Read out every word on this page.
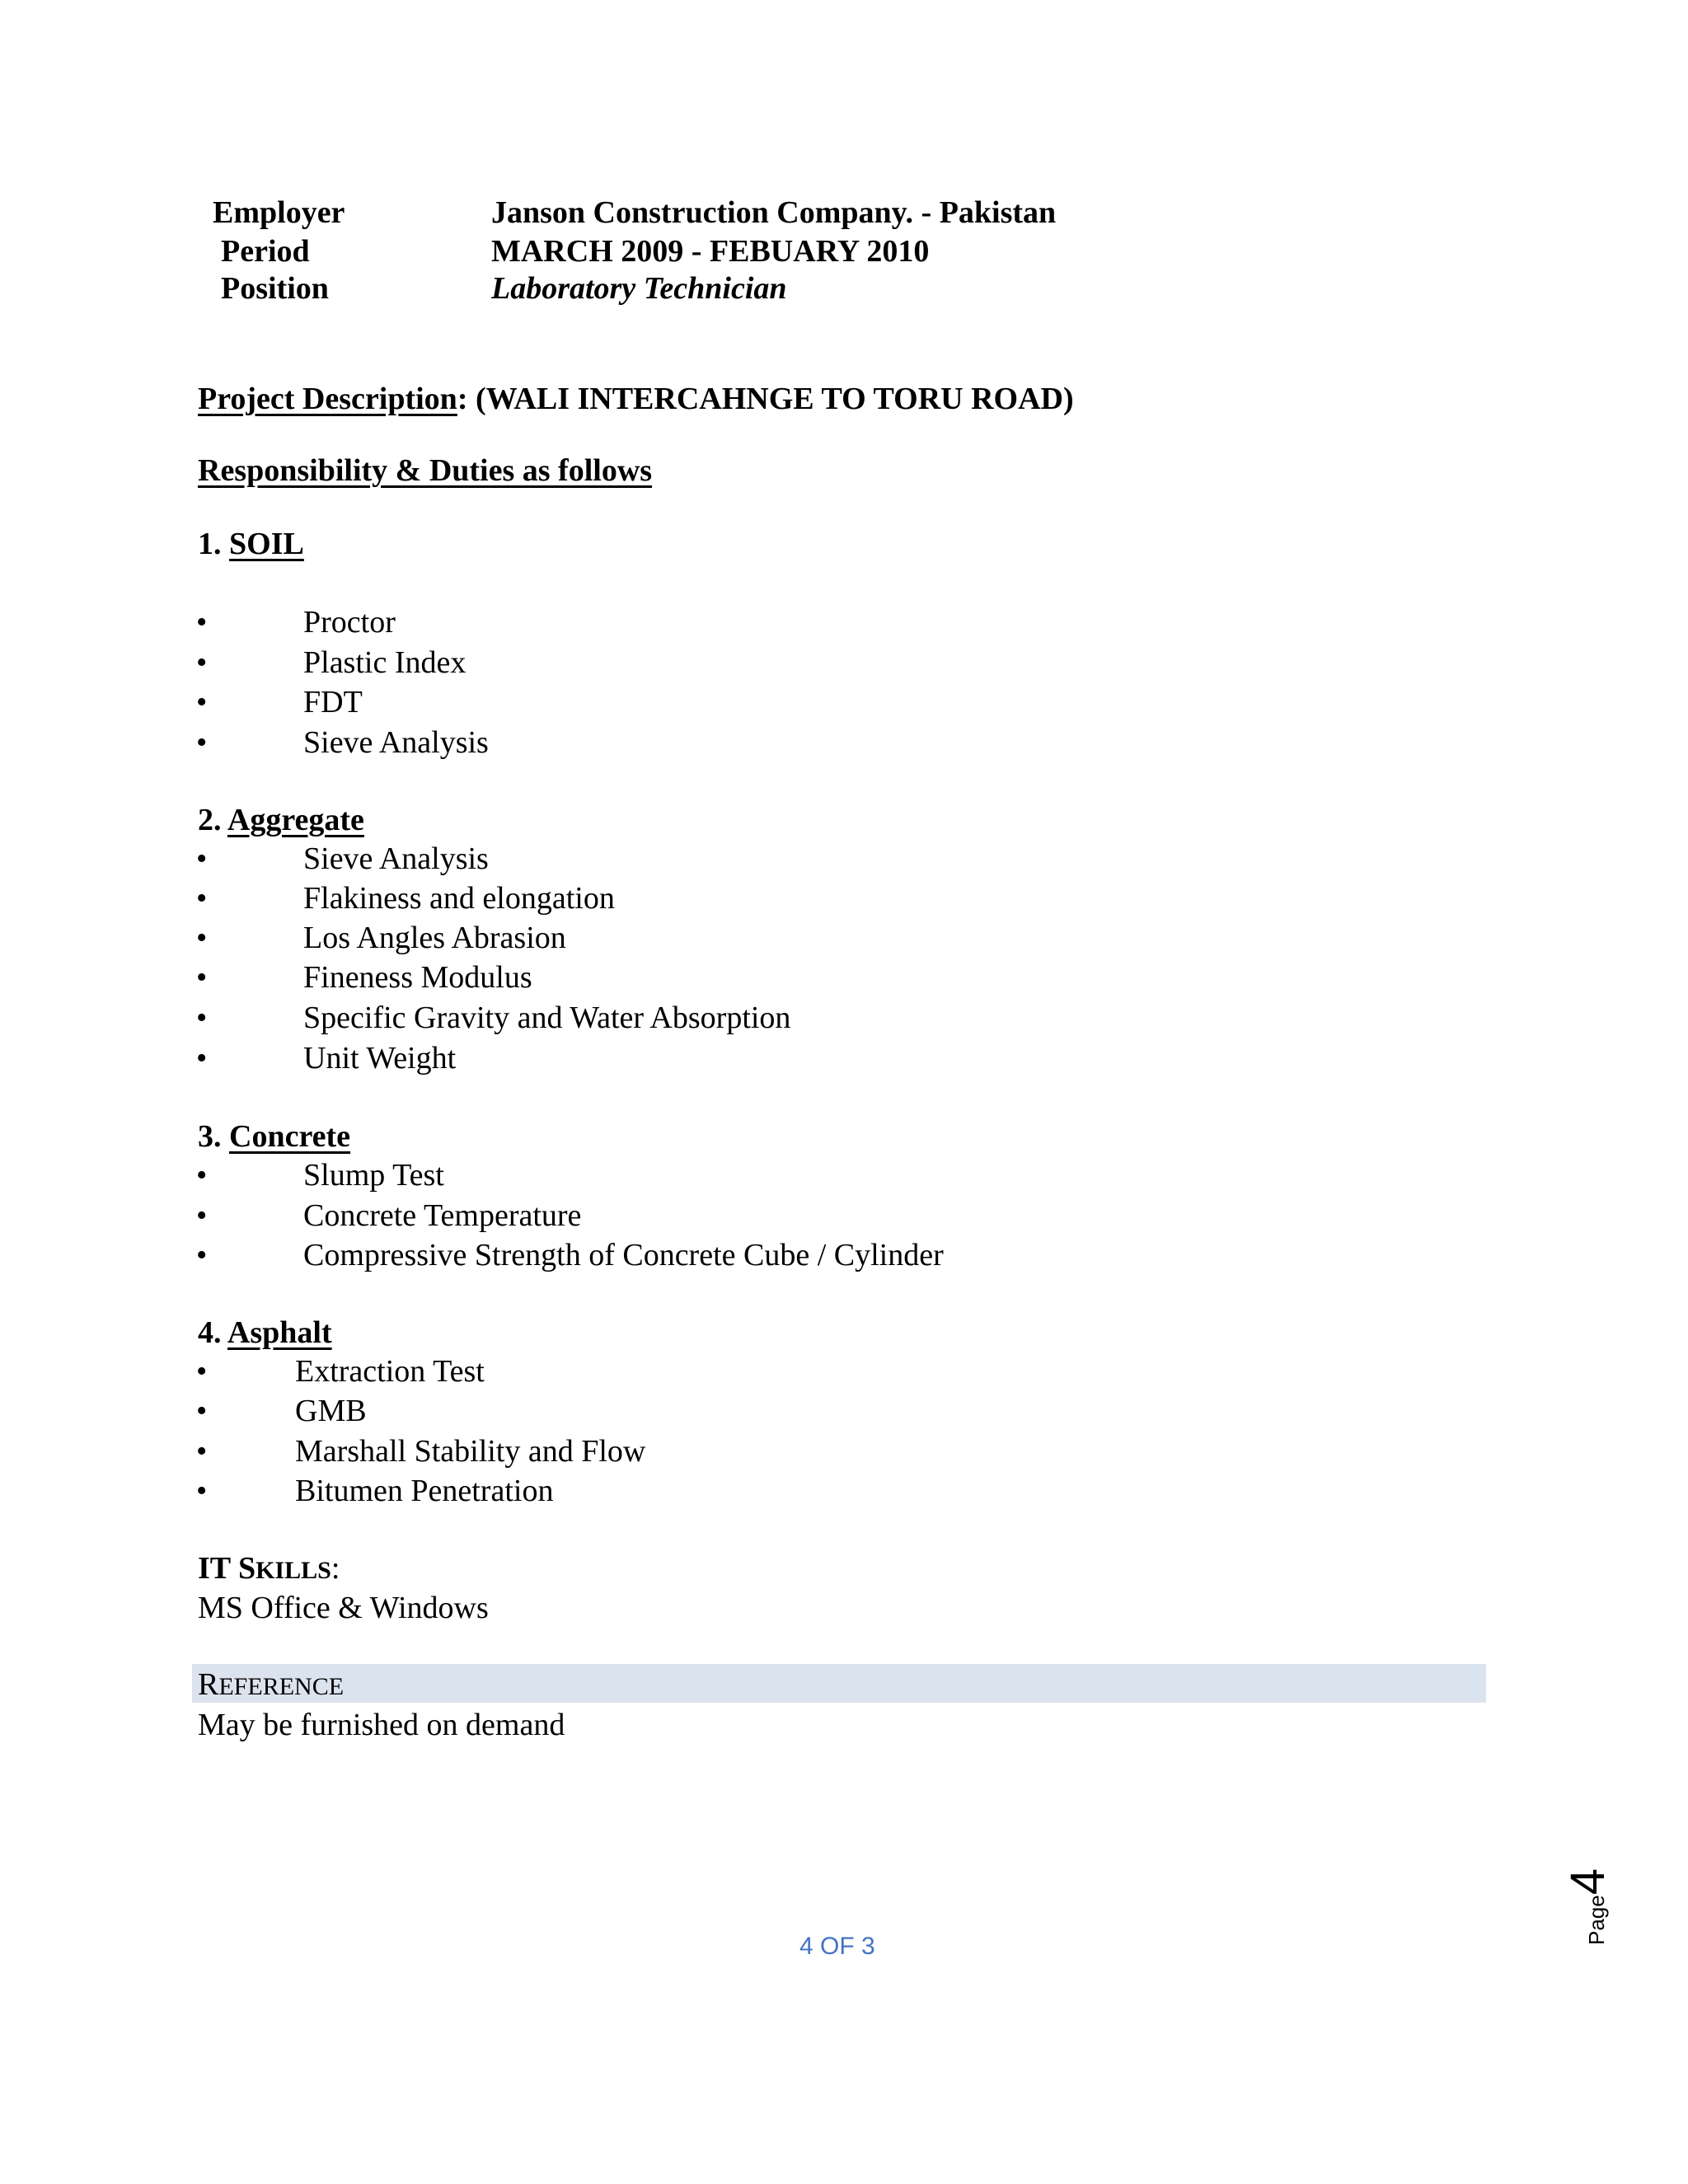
Employer	Janson Construction Company. - Pakistan
Period	MARCH 2009 - FEBUARY 2010
Position	Laboratory Technician
Project Description: (WALI INTERCAHNGE TO TORU ROAD)
Responsibility & Duties as follows
1. SOIL
•	Proctor
•	Plastic Index
•	FDT
•	Sieve Analysis
2. Aggregate
•	Sieve Analysis
•	Flakiness and elongation
•	Los Angles Abrasion
•	Fineness Modulus
•	Specific Gravity and Water Absorption
•	Unit Weight
3. Concrete
•	Slump Test
•	Concrete Temperature
•	Compressive Strength of Concrete Cube / Cylinder
4. Asphalt
•	Extraction Test
•	GMB
•	Marshall Stability and Flow
•	Bitumen Penetration
IT SKILLS:
MS Office & Windows
REFERENCE
May be furnished on demand
Page4
4 OF 3
